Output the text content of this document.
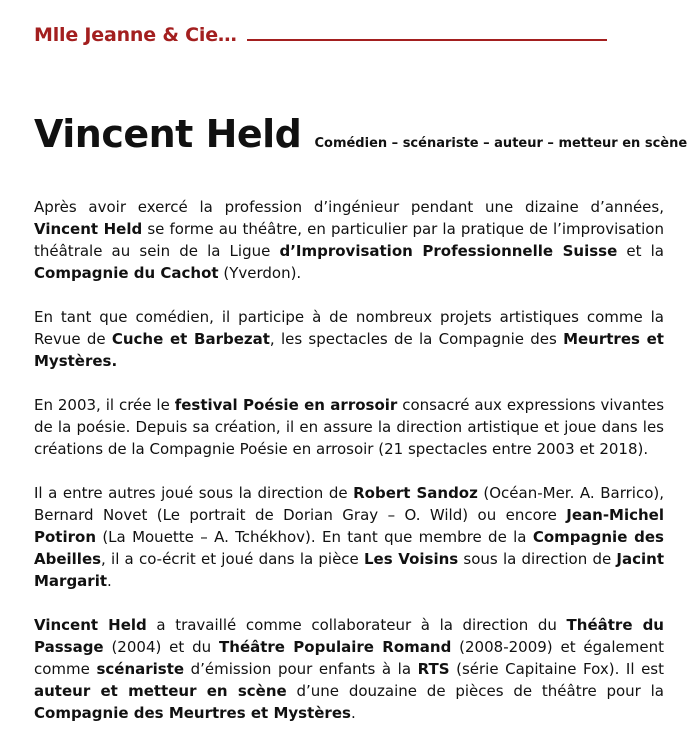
Mlle Jeanne & Cie…
Vincent Held Comédien – scénariste – auteur – metteur en scène

Après avoir exercé la profession d’ingénieur pendant une dizaine d’années, Vincent Held se forme au théâtre, en particulier par la pratique de l’improvisation théâtrale au sein de la Ligue d’Improvisation Professionnelle Suisse et la Compagnie du Cachot (Yverdon).

En tant que comédien, il participe à de nombreux projets artistiques comme la Revue de Cuche et Barbezat, les spectacles de la Compagnie des Meurtres et Mystères.

En 2003, il crée le festival Poésie en arrosoir consacré aux expressions vivantes de la poésie. Depuis sa création, il en assure la direction artistique et joue dans les créations de la Compagnie Poésie en arrosoir (21 spectacles entre 2003 et 2018).

Il a entre autres joué sous la direction de Robert Sandoz (Océan-Mer. A. Barrico), Bernard Novet (Le portrait de Dorian Gray – O. Wild) ou encore Jean-Michel Potiron (La Mouette – A. Tchékhov). En tant que membre de la Compagnie des Abeilles, il a co-écrit et joué dans la pièce Les Voisins sous la direction de Jacint Margarit.

Vincent Held a travaillé comme collaborateur à la direction du Théâtre du Passage (2004) et du Théâtre Populaire Romand (2008-2009) et également comme scénariste d’émission pour enfants à la RTS (série Capitaine Fox). Il est auteur et metteur en scène d’une douzaine de pièces de théâtre pour la Compagnie des Meurtres et Mystères.
